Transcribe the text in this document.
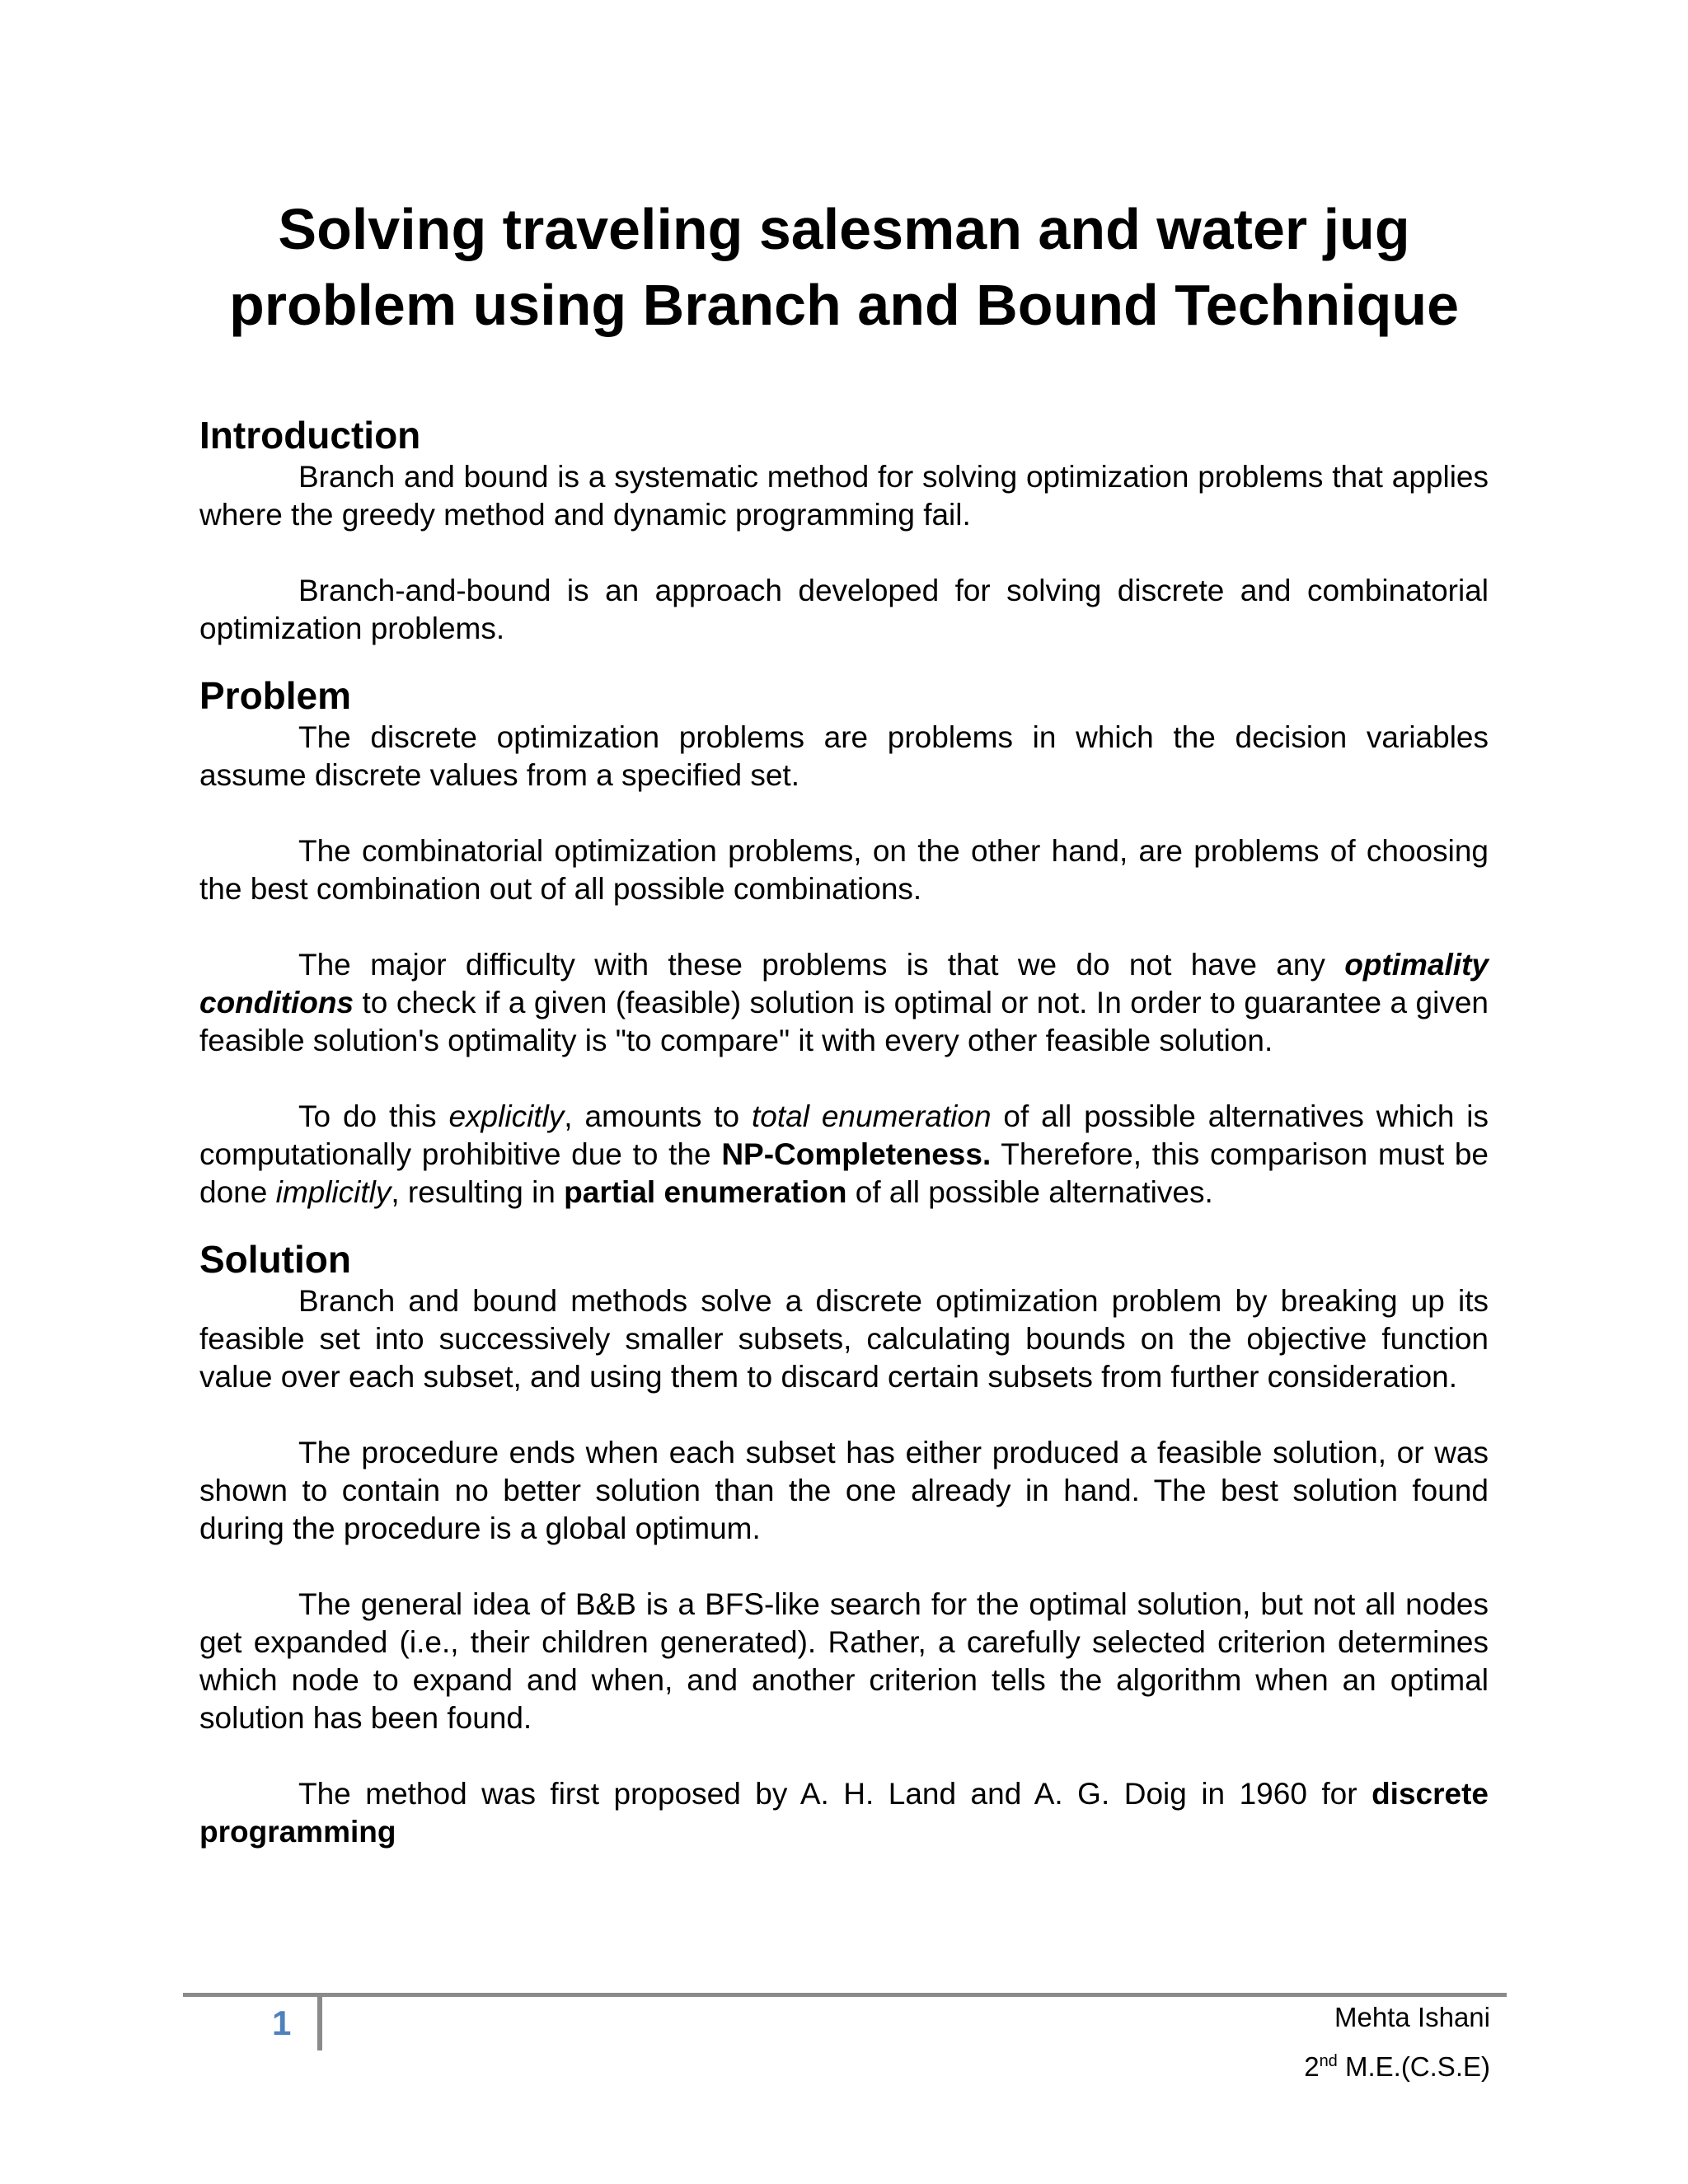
Solving traveling salesman and water jug
problem using Branch and Bound Technique
Introduction

Branch and bound is a systematic method for solving optimization problems that applies where the greedy method and dynamic programming fail.

Branch-and-bound is an approach developed for solving discrete and combinatorial optimization problems.

Problem

The discrete optimization problems are problems in which the decision variables assume discrete values from a specified set.

The combinatorial optimization problems, on the other hand, are problems of choosing the best combination out of all possible combinations.

The major difficulty with these problems is that we do not have any optimality conditions to check if a given (feasible) solution is optimal or not. In order to guarantee a given feasible solution's optimality is "to compare" it with every other feasible solution.

To do this explicitly, amounts to total enumeration of all possible alternatives which is computationally prohibitive due to the NP-Completeness. Therefore, this comparison must be done implicitly, resulting in partial enumeration of all possible alternatives.

Solution

Branch and bound methods solve a discrete optimization problem by breaking up its feasible set into successively smaller subsets, calculating bounds on the objective function value over each subset, and using them to discard certain subsets from further consideration.

The procedure ends when each subset has either produced a feasible solution, or was shown to contain no better solution than the one already in hand. The best solution found during the procedure is a global optimum.

The general idea of B&B is a BFS-like search for the optimal solution, but not all nodes get expanded (i.e., their children generated). Rather, a carefully selected criterion determines which node to expand and when, and another criterion tells the algorithm when an optimal solution has been found.

The method was first proposed by A. H. Land and A. G. Doig in 1960 for discrete programming

1	Mehta Ishani
2nd M.E.(C.S.E)
